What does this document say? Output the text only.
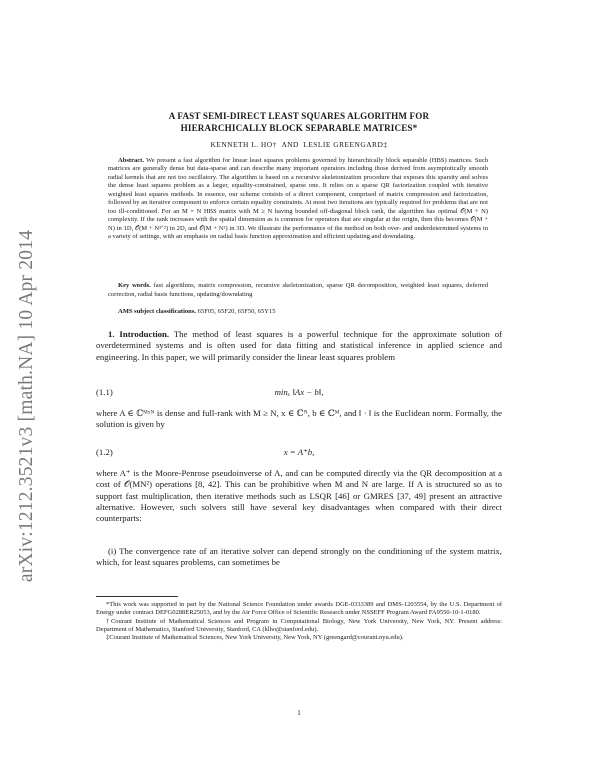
arXiv:1212.3521v3 [math.NA] 10 Apr 2014
A FAST SEMI-DIRECT LEAST SQUARES ALGORITHM FOR
HIERARCHICALLY BLOCK SEPARABLE MATRICES*
KENNETH L. HO† AND LESLIE GREENGARD‡

Abstract. We present a fast algorithm for linear least squares problems governed by hierarchically block separable (HBS) matrices. Such matrices are generally dense but data-sparse and can describe many important operators including those derived from asymptotically smooth radial kernels that are not too oscillatory. The algorithm is based on a recursive skeletonization procedure that exposes this sparsity and solves the dense least squares problem as a larger, equality-constrained, sparse one. It relies on a sparse QR factorization coupled with iterative weighted least squares methods. In essence, our scheme consists of a direct component, comprised of matrix compression and factorization, followed by an iterative component to enforce certain equality constraints. At most two iterations are typically required for problems that are not too ill-conditioned. For an M × N HBS matrix with M ≥ N having bounded off-diagonal block rank, the algorithm has optimal 𝒪(M + N) complexity. If the rank increases with the spatial dimension as is common for operators that are singular at the origin, then this becomes 𝒪(M + N) in 1D, 𝒪(M + N³ᐟ²) in 2D, and 𝒪(M + N²) in 3D. We illustrate the performance of the method on both over- and underdetermined systems in a variety of settings, with an emphasis on radial basis function approximation and efficient updating and downdating.

Key words. fast algorithms, matrix compression, recursive skeletonization, sparse QR decomposition, weighted least squares, deferred correction, radial basis functions, updating/downdating

AMS subject classifications. 65F05, 65F20, 65F50, 65Y15

1. Introduction. The method of least squares is a powerful technique for the approximate solution of overdetermined systems and is often used for data fitting and statistical inference in applied science and engineering. In this paper, we will primarily consider the linear least squares problem

(1.1)	minₓ ‖Ax − b‖,

where A ∈ ℂᴹˣᴺ is dense and full-rank with M ≥ N, x ∈ ℂᴺ, b ∈ ℂᴹ, and ‖ · ‖ is the Euclidean norm. Formally, the solution is given by

(1.2)	x = A⁺b,

where A⁺ is the Moore-Penrose pseudoinverse of A, and can be computed directly via the QR decomposition at a cost of 𝒪(MN²) operations [8, 42]. This can be prohibitive when M and N are large. If A is structured so as to support fast multiplication, then iterative methods such as LSQR [46] or GMRES [37, 49] present an attractive alternative. However, such solvers still have several key disadvantages when compared with their direct counterparts:

(i) The convergence rate of an iterative solver can depend strongly on the conditioning of the system matrix, which, for least squares problems, can sometimes be

*This work was supported in part by the National Science Foundation under awards DGE-0333389 and DMS-1203554, by the U.S. Department of Energy under contract DEFG0288ER25053, and by the Air Force Office of Scientific Research under NSSEFF Program Award FA9550-10-1-0180.

†Courant Institute of Mathematical Sciences and Program in Computational Biology, New York University, New York, NY. Present address: Department of Mathematics, Stanford University, Stanford, CA (klho@stanford.edu).

‡Courant Institute of Mathematical Sciences, New York University, New York, NY (greengard@courant.nyu.edu).

1
